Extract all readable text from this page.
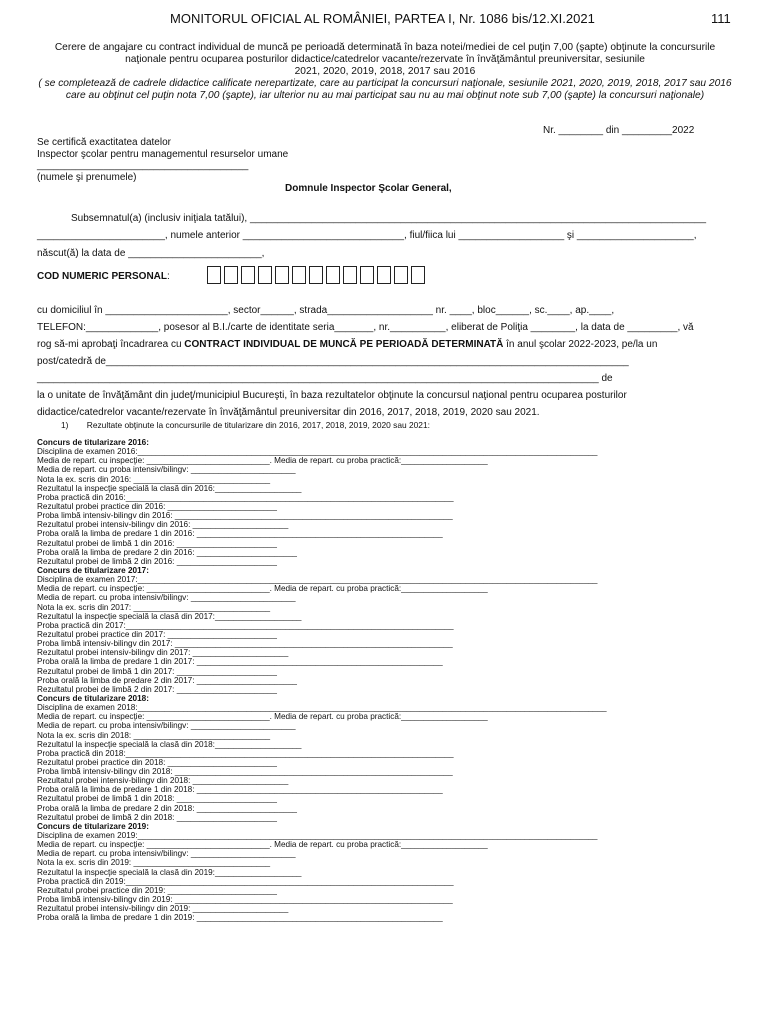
MONITORUL OFICIAL AL ROMÂNIEI, PARTEA I, Nr. 1086 bis/12.XI.2021	111
Cerere de angajare cu contract individual de muncă pe perioadă determinată în baza notei/mediei de cel puţin 7,00 (şapte) obţinute la concursurile
naţionale pentru ocuparea posturilor didactice/catedrelor vacante/rezervate în învăţământul preuniversitar, sesiunile
2021, 2020, 2019, 2018, 2017 sau 2016
( se completează de cadrele didactice calificate nerepartizate, care au participat la concursuri naţionale, sesiunile 2021, 2020, 2019, 2018, 2017 sau 2016
care au obţinut cel puţin nota 7,00 (şapte), iar ulterior nu au mai participat sau nu au mai obţinut note sub 7,00 (şapte) la concursuri naţionale)
Nr. ________ din _________2022
Se certifică exactitatea datelor
Inspector şcolar pentru managementul resurselor umane
______________________________________
(numele şi prenumele)
Domnule Inspector Şcolar General,
Subsemnatul(a) (inclusiv iniţiala tatălui), __________________________________________________________________________________
_______________________, numele anterior _____________________________, fiul/fiica lui ___________________ şi _____________________,
născut(ă) la data de ________________________,
COD NUMERIC PERSONAL:
cu domiciliul în ______________________, sector______, strada___________________ nr. ____, bloc______, sc.____, ap.____,
TELEFON:_____________, posesor al B.I./carte de identitate seria_______, nr.__________, eliberat de Poliţia ________, la data de _________, vă
rog să-mi aprobaţi încadrarea cu CONTRACT INDIVIDUAL DE MUNCĂ PE PERIOADĂ DETERMINATĂ în anul şcolar 2022-2023, pe/la un
post/catedră de______________________________________________________________________________________________
_____________________________________________________________________________________________________ de
la o unitate de învăţământ din judeţ/municipiul Bucureşti, în baza rezultatelor obţinute la concursul naţional pentru ocuparea posturilor
didactice/catedrelor vacante/rezervate în învăţământul preuniversitar din 2016, 2017, 2018, 2019, 2020 sau 2021.
1) Rezultate obţinute la concursurile de titularizare din 2016, 2017, 2018, 2019, 2020 sau 2021:
Concurs de titularizare 2016:
Disciplina de examen 2016:_____________________________________________________________________________________________________
Media de repart. cu inspecţie: ___________________________. Media de repart. cu proba practică:___________________
Media de repart. cu proba intensiv/bilingv: _______________________
Nota la ex. scris din 2016: ______________________________
Rezultatul la inspecţie specială la clasă din 2016:___________________
Proba practică din 2016:________________________________________________________________________
Rezultatul probei practice din 2016: ________________________
Proba limbă intensiv-bilingv din 2016: _____________________________________________________________
Rezultatul probei intensiv-bilingv din 2016: _____________________
Proba orală la limba de predare 1 din 2016: ______________________________________________________
Rezultatul probei de limbă 1 din 2016: ______________________
Proba orală la limba de predare 2 din 2016: ______________________
Rezultatul probei de limbă 2 din 2016: ______________________
Concurs de titularizare 2017:
Disciplina de examen 2017:_____________________________________________________________________________________________________
Media de repart. cu inspecţie: ___________________________. Media de repart. cu proba practică:___________________
Media de repart. cu proba intensiv/bilingv: _______________________
Nota la ex. scris din 2017: ______________________________
Rezultatul la inspecţie specială la clasă din 2017:___________________
Proba practică din 2017:________________________________________________________________________
Rezultatul probei practice din 2017: ________________________
Proba limbă intensiv-bilingv din 2017: _____________________________________________________________
Rezultatul probei intensiv-bilingv din 2017: _____________________
Proba orală la limba de predare 1 din 2017: ______________________________________________________
Rezultatul probei de limbă 1 din 2017: ______________________
Proba orală la limba de predare 2 din 2017: ______________________
Rezultatul probei de limbă 2 din 2017: ______________________
Concurs de titularizare 2018:
Disciplina de examen 2018:_______________________________________________________________________________________________________
Media de repart. cu inspecţie: ___________________________. Media de repart. cu proba practică:___________________
Media de repart. cu proba intensiv/bilingv: _______________________
Nota la ex. scris din 2018: ______________________________
Rezultatul la inspecţie specială la clasă din 2018:___________________
Proba practică din 2018:________________________________________________________________________
Rezultatul probei practice din 2018: ________________________
Proba limbă intensiv-bilingv din 2018: _____________________________________________________________
Rezultatul probei intensiv-bilingv din 2018: _____________________
Proba orală la limba de predare 1 din 2018: ______________________________________________________
Rezultatul probei de limbă 1 din 2018: ______________________
Proba orală la limba de predare 2 din 2018: ______________________
Rezultatul probei de limbă 2 din 2018: ______________________
Concurs de titularizare 2019:
Disciplina de examen 2019:_____________________________________________________________________________________________________
Media de repart. cu inspecţie: ___________________________. Media de repart. cu proba practică:___________________
Media de repart. cu proba intensiv/bilingv: _______________________
Nota la ex. scris din 2019: ______________________________
Rezultatul la inspecţie specială la clasă din 2019:___________________
Proba practică din 2019:________________________________________________________________________
Rezultatul probei practice din 2019: ________________________
Proba limbă intensiv-bilingv din 2019: _____________________________________________________________
Rezultatul probei intensiv-bilingv din 2019: _____________________
Proba orală la limba de predare 1 din 2019: ______________________________________________________
